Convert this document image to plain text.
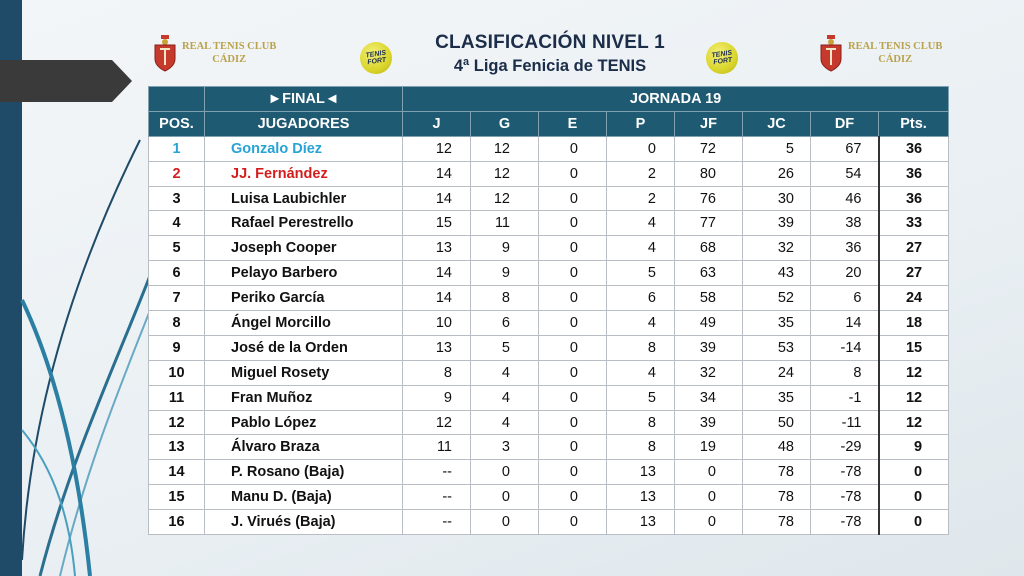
REAL TENIS CLUB
CÁDIZ	TENIS
FORT
CLASIFICACIÓN NIVEL 1
4ª Liga Fenicia de TENIS
TENIS
FORT
REAL TENIS CLUB
CÁDIZ
	►FINAL◄	JORNADA 19							
POS.	JUGADORES	J	G	E	P	JF	JC	DF	Pts.
1	Gonzalo Díez	12	12	0	0	72	5	67	36
2	JJ. Fernández	14	12	0	2	80	26	54	36
3	Luisa Laubichler	14	12	0	2	76	30	46	36
4	Rafael Perestrello	15	11	0	4	77	39	38	33
5	Joseph Cooper	13	9	0	4	68	32	36	27
6	Pelayo Barbero	14	9	0	5	63	43	20	27
7	Periko García	14	8	0	6	58	52	6	24
8	Ángel Morcillo	10	6	0	4	49	35	14	18
9	José de la Orden	13	5	0	8	39	53	-14	15
10	Miguel Rosety	8	4	0	4	32	24	8	12
11	Fran Muñoz	9	4	0	5	34	35	-1	12
12	Pablo López	12	4	0	8	39	50	-11	12
13	Álvaro Braza	11	3	0	8	19	48	-29	9
14	P. Rosano (Baja)	--	0	0	13	0	78	-78	0
15	Manu D. (Baja)	--	0	0	13	0	78	-78	0
16	J. Virués (Baja)	--	0	0	13	0	78	-78	0
